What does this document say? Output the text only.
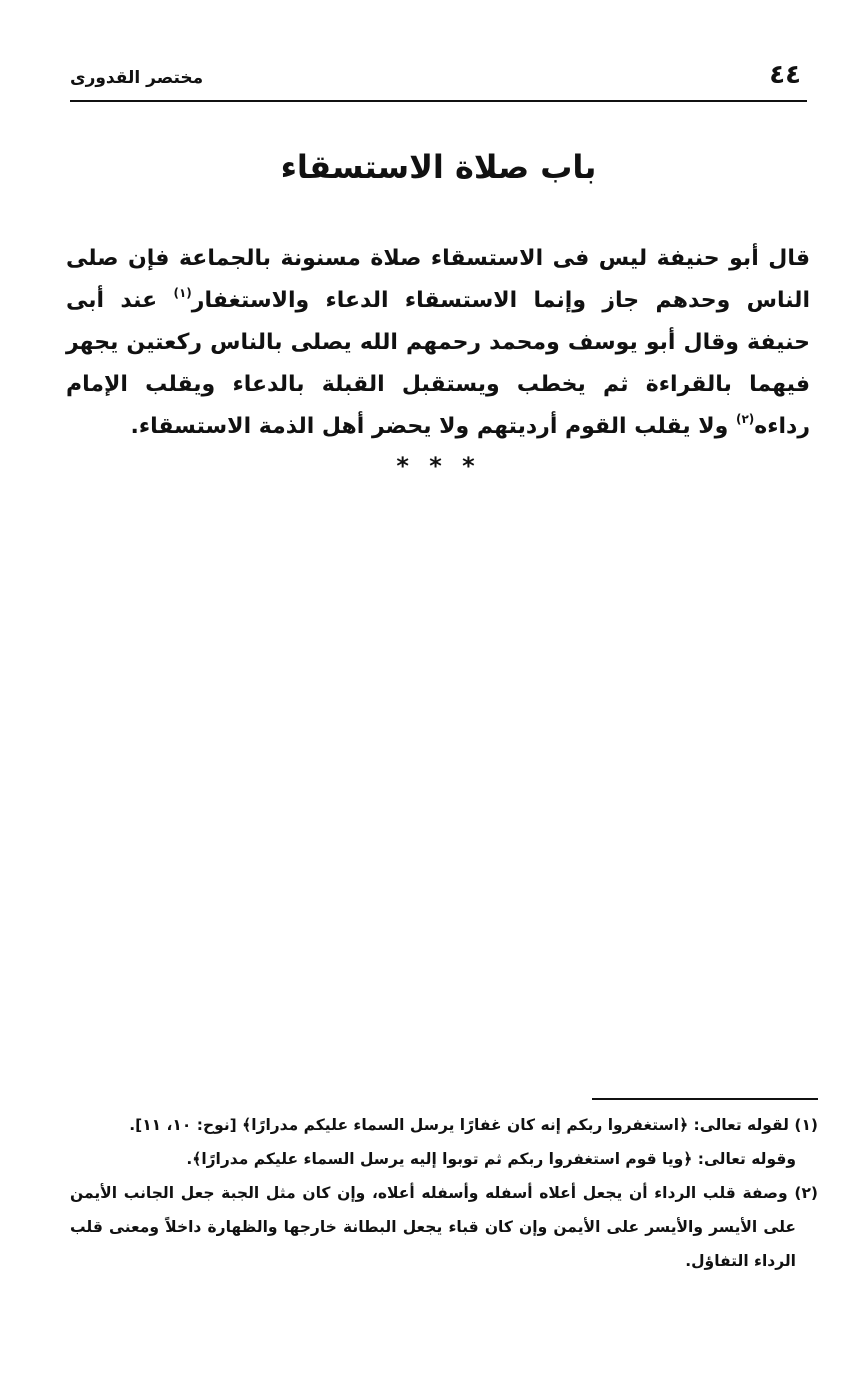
٤٤
مختصر القدورى
باب صلاة الاستسقاء
قال أبو حنيفة ليس فى الاستسقاء صلاة مسنونة بالجماعة فإن صلى الناس وحدهم جاز وإنما الاستسقاء الدعاء والاستغفار$^{(١)}$ عند أبى حنيفة وقال أبو يوسف ومحمد رحمهم الله يصلى بالناس ركعتين يجهر فيهما بالقراءة ثم يخطب ويستقبل القبلة بالدعاء ويقلب الإمام رداءه$^{(٢)}$ ولا يقلب القوم أرديتهم ولا يحضر أهل الذمة الاستسقاء.
* * *

(١) لقوله تعالى: ﴿استغفروا ربكم إنه كان غفارًا يرسل السماء عليكم مدرارًا﴾ [نوح: ١٠، ١١].

وقوله تعالى: ﴿ويا قوم استغفروا ربكم ثم توبوا إليه يرسل السماء عليكم مدرارًا﴾.

(٢) وصفة قلب الرداء أن يجعل أعلاه أسفله وأسفله أعلاه، وإن كان مثل الجبة جعل الجانب الأيمن على الأيسر والأيسر على الأيمن وإن كان قباء يجعل البطانة خارجها والظهارة داخلاً ومعنى قلب الرداء التفاؤل.
